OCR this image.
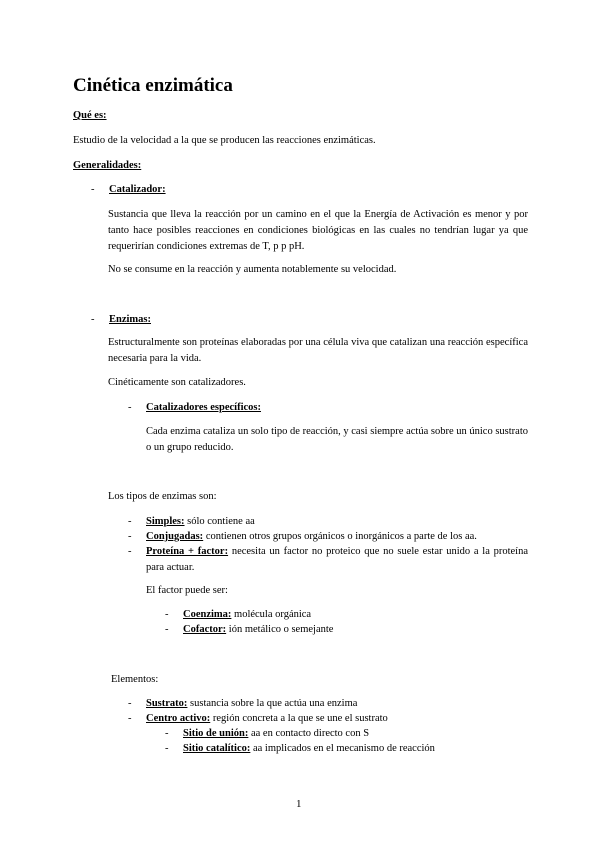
Cinética enzimática
Qué es:
Estudio de la velocidad a la que se producen las reacciones enzimáticas.
Generalidades:
- Catalizador:
Sustancia que lleva la reacción por un camino en el que la Energía de Activación es menor y por tanto hace posibles reacciones en condiciones biológicas en las cuales no tendrían lugar ya que requerirían condiciones extremas de T, p p pH.
No se consume en la reacción y aumenta notablemente su velocidad.
- Enzimas:
Estructuralmente son proteínas elaboradas por una célula viva que catalizan una reacción específica necesaria para la vida.
Cinéticamente son catalizadores.
- Catalizadores específicos:
Cada enzima cataliza un solo tipo de reacción, y casi siempre actúa sobre un único sustrato o un grupo reducido.
Los tipos de enzimas son:
- Simples: sólo contiene aa
- Conjugadas: contienen otros grupos orgánicos o inorgánicos a parte de los aa.
- Proteína + factor: necesita un factor no proteico que no suele estar unido a la proteína para actuar.
El factor puede ser:
- Coenzima: molécula orgánica
- Cofactor: ión metálico o semejante
Elementos:
- Sustrato: sustancia sobre la que actúa una enzima
- Centro activo: región concreta a la que se une el sustrato
- Sitio de unión: aa en contacto directo con S
- Sitio catalítico: aa implicados en el mecanismo de reacción
1
